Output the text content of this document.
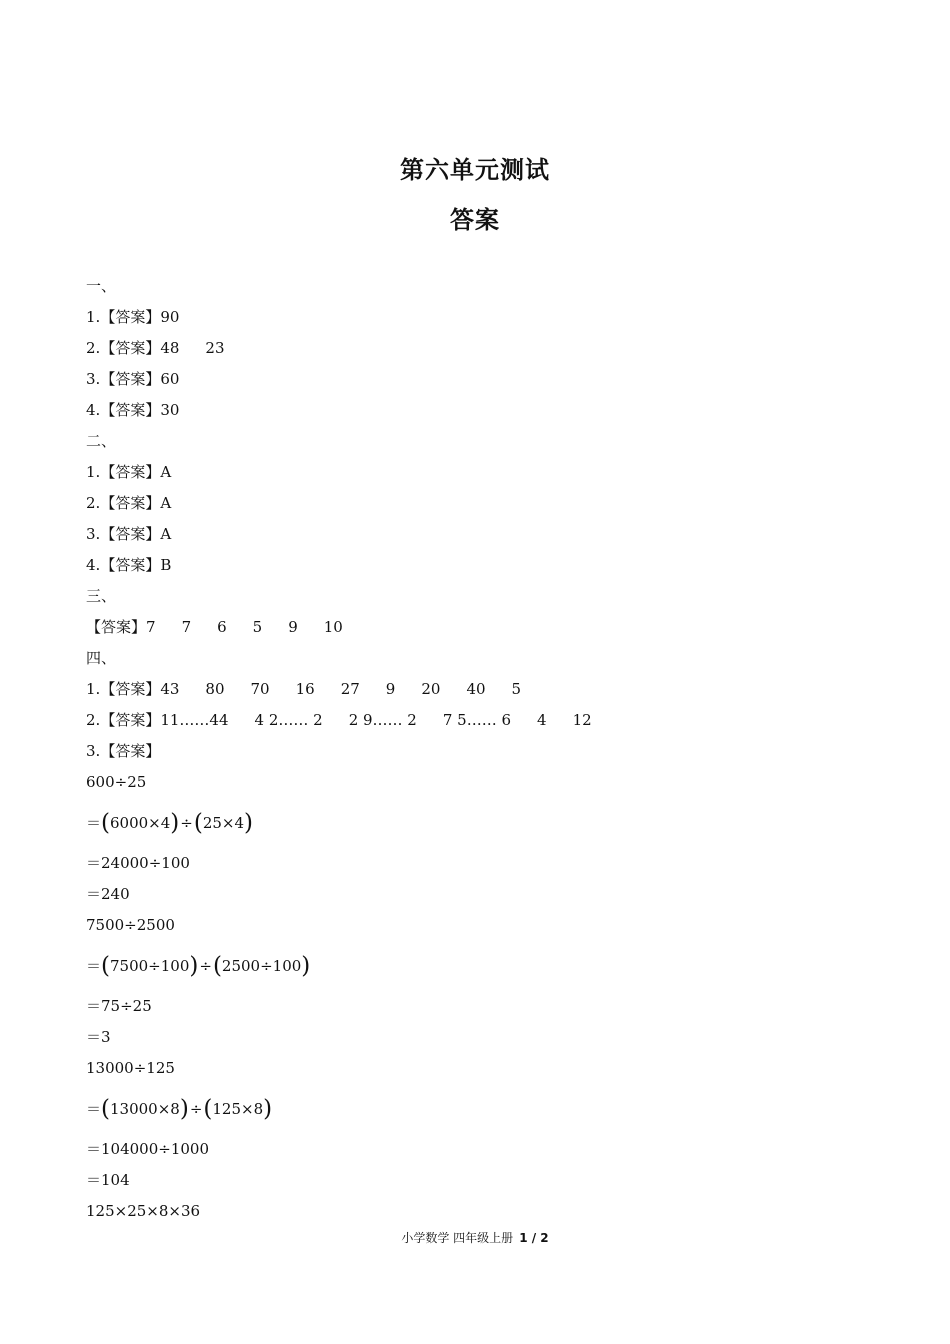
第六单元测试
答案
一、
1.【答案】90
2.【答案】48 23
3.【答案】60
4.【答案】30
二、
1.【答案】A
2.【答案】A
3.【答案】A
4.【答案】B
三、
【答案】7 7 6 5 9 10
四、
1.【答案】43 80 70 16 27 9 20 40 5
2.【答案】11……44 4 2…… 2 2 9…… 2 7 5…… 6 4 12
3.【答案】
600÷25
＝(6000×4)÷(25×4)
＝24000÷100
＝240
7500÷2500
＝(7500÷100)÷(2500÷100)
＝75÷25
＝3
13000÷125
＝(13000×8)÷(125×8)
＝104000÷1000
＝104
125×25×8×36
小学数学 四年级上册 1 / 2
